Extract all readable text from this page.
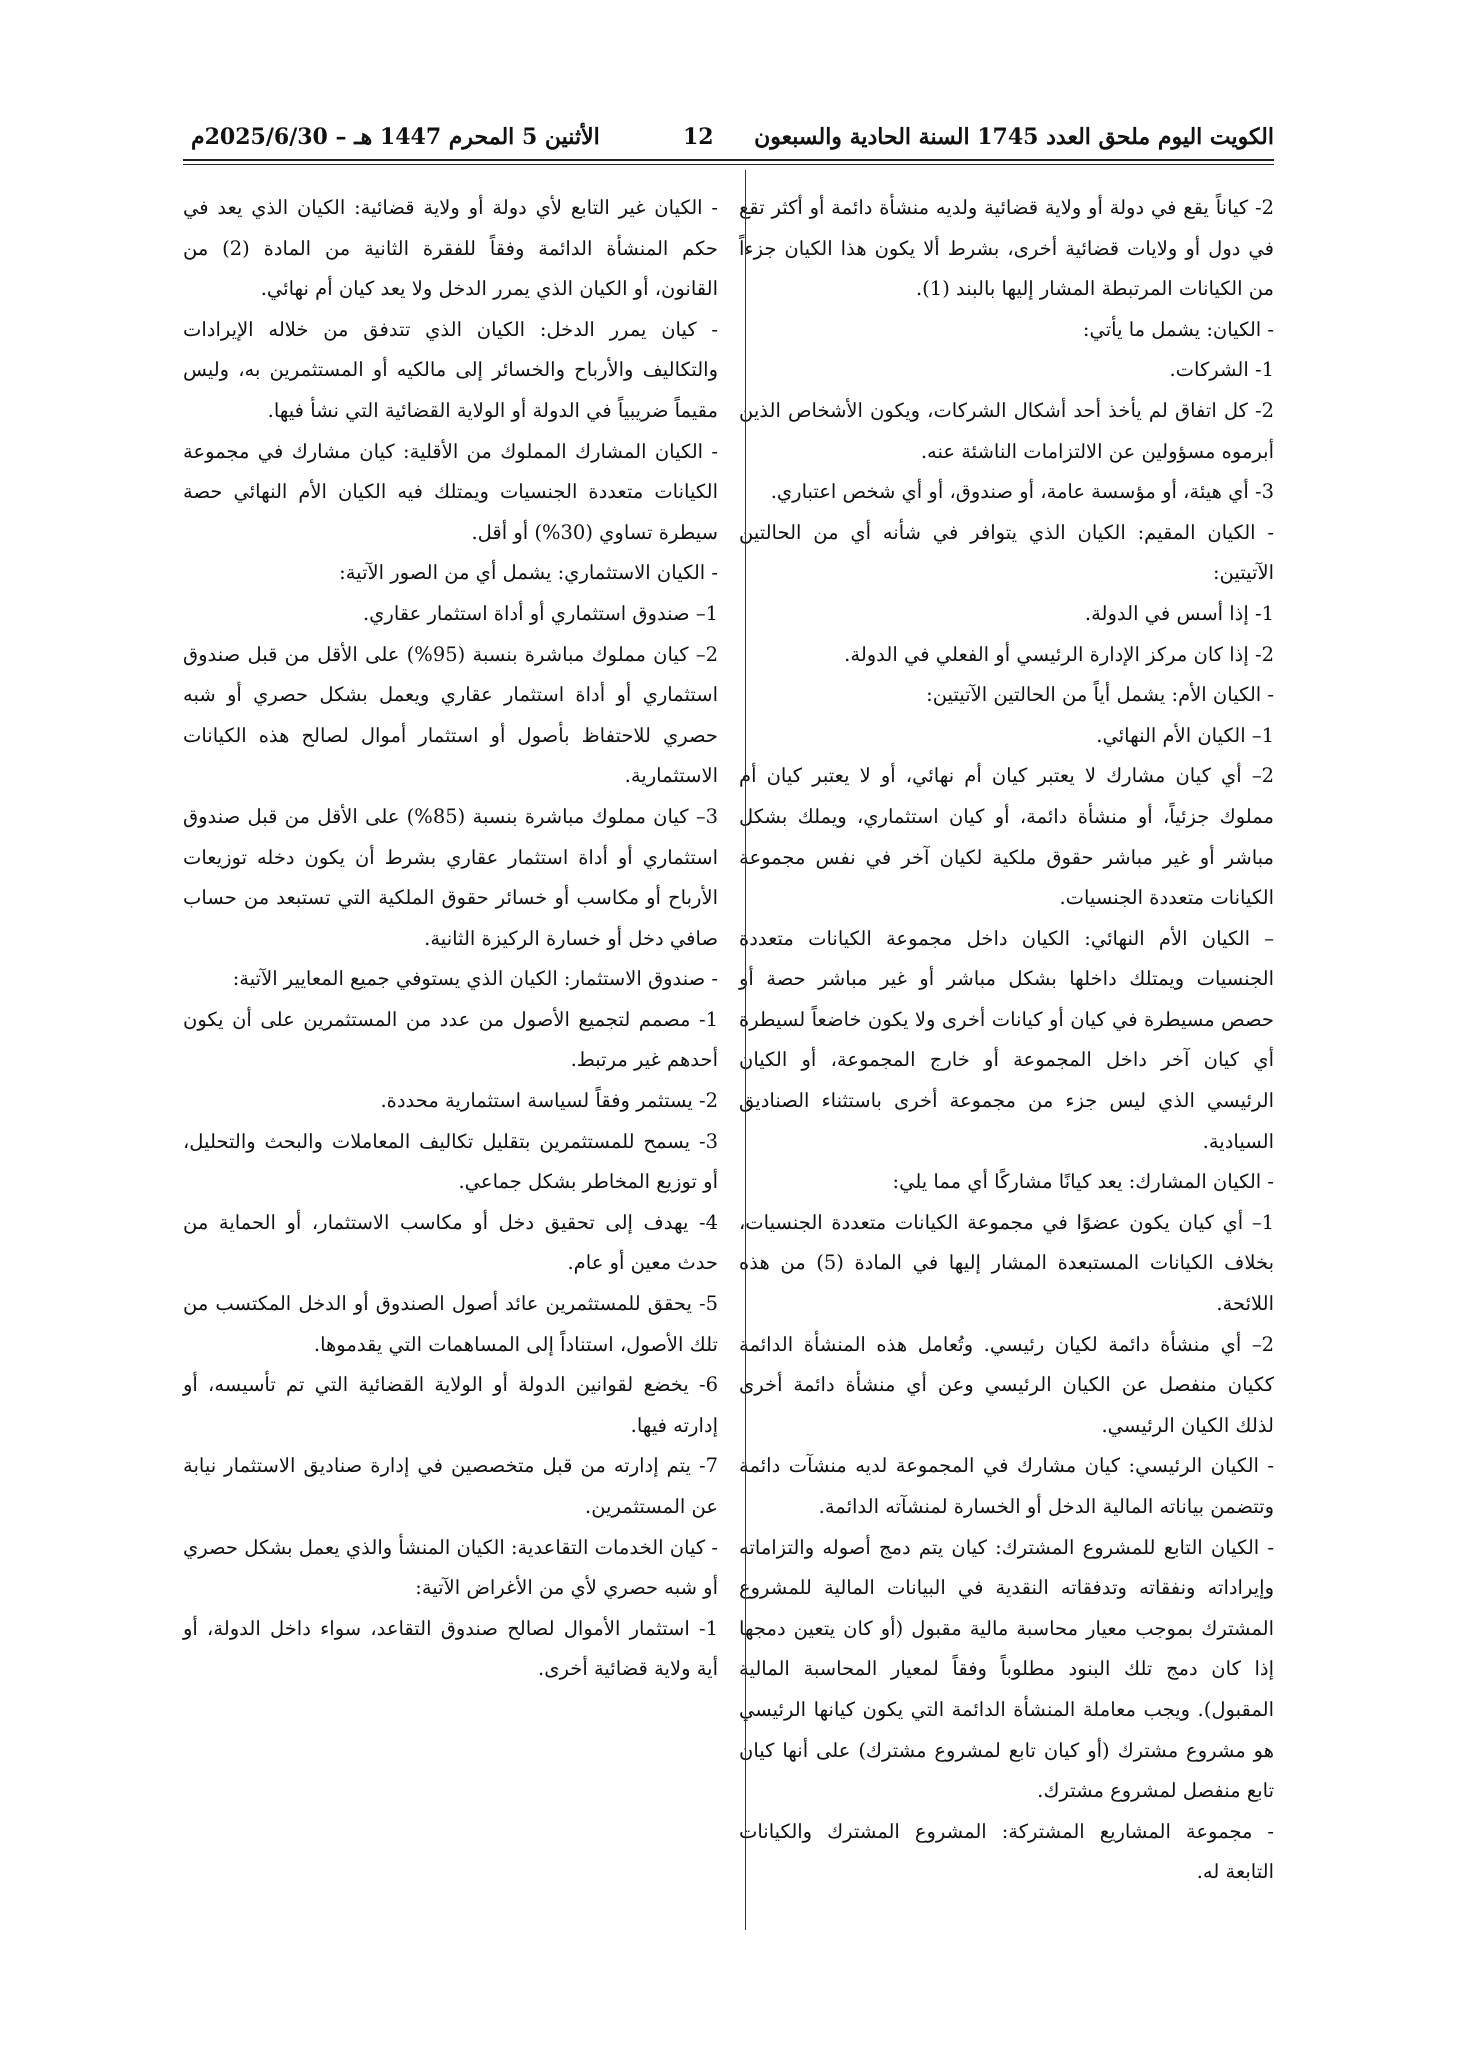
الكويت اليوم ملحق العدد 1745 السنة الحادية والسبعون
12
الأثنين 5 المحرم 1447 هـ – 2025/6/30م

2- كياناً يقع في دولة أو ولاية قضائية ولديه منشأة دائمة أو أكثر تقع في دول أو ولايات قضائية أخرى، بشرط ألا يكون هذا الكيان جزءاً من الكيانات المرتبطة المشار إليها بالبند (1).

- الكيان: يشمل ما يأتي:

1- الشركات.

2- كل اتفاق لم يأخذ أحد أشكال الشركات، ويكون الأشخاص الذين أبرموه مسؤولين عن الالتزامات الناشئة عنه.

3- أي هيئة، أو مؤسسة عامة، أو صندوق، أو أي شخص اعتباري.

- الكيان المقيم: الكيان الذي يتوافر في شأنه أي من الحالتين الآتيتين:

1- إذا أسس في الدولة.

2- إذا كان مركز الإدارة الرئيسي أو الفعلي في الدولة.

- الكيان الأم: يشمل أياً من الحالتين الآتيتين:

1– الكيان الأم النهائي.

2– أي كيان مشارك لا يعتبر كيان أم نهائي، أو لا يعتبر كيان أم مملوك جزئياً، أو منشأة دائمة، أو كيان استثماري، ويملك بشكل مباشر أو غير مباشر حقوق ملكية لكيان آخر في نفس مجموعة الكيانات متعددة الجنسيات.

– الكيان الأم النهائي: الكيان داخل مجموعة الكيانات متعددة الجنسيات ويمتلك داخلها بشكل مباشر أو غير مباشر حصة أو حصص مسيطرة في كيان أو كيانات أخرى ولا يكون خاضعاً لسيطرة أي كيان آخر داخل المجموعة أو خارج المجموعة، أو الكيان الرئيسي الذي ليس جزء من مجموعة أخرى باستثناء الصناديق السيادية.

- الكيان المشارك: يعد كيانًا مشاركًا أي مما يلي:

1– أي كيان يكون عضوًا في مجموعة الكيانات متعددة الجنسيات، بخلاف الكيانات المستبعدة المشار إليها في المادة (5) من هذه اللائحة.

2– أي منشأة دائمة لكيان رئيسي. وتُعامل هذه المنشأة الدائمة ككيان منفصل عن الكيان الرئيسي وعن أي منشأة دائمة أخرى لذلك الكيان الرئيسي.

- الكيان الرئيسي: كيان مشارك في المجموعة لديه منشآت دائمة وتتضمن بياناته المالية الدخل أو الخسارة لمنشآته الدائمة.

- الكيان التابع للمشروع المشترك: كيان يتم دمج أصوله والتزاماته وإيراداته ونفقاته وتدفقاته النقدية في البيانات المالية للمشروع المشترك بموجب معيار محاسبة مالية مقبول (أو كان يتعين دمجها إذا كان دمج تلك البنود مطلوباً وفقاً لمعيار المحاسبة المالية المقبول). ويجب معاملة المنشأة الدائمة التي يكون كيانها الرئيسي هو مشروع مشترك (أو كيان تابع لمشروع مشترك) على أنها كيان تابع منفصل لمشروع مشترك.

- مجموعة المشاريع المشتركة: المشروع المشترك والكيانات التابعة له.

- الكيان غير التابع لأي دولة أو ولاية قضائية: الكيان الذي يعد في حكم المنشأة الدائمة وفقاً للفقرة الثانية من المادة (2) من القانون، أو الكيان الذي يمرر الدخل ولا يعد كيان أم نهائي.

- كيان يمرر الدخل: الكيان الذي تتدفق من خلاله الإيرادات والتكاليف والأرباح والخسائر إلى مالكيه أو المستثمرين به، وليس مقيماً ضريبياً في الدولة أو الولاية القضائية التي نشأ فيها.

- الكيان المشارك المملوك من الأقلية: كيان مشارك في مجموعة الكيانات متعددة الجنسيات ويمتلك فيه الكيان الأم النهائي حصة سيطرة تساوي (30%) أو أقل.

- الكيان الاستثماري: يشمل أي من الصور الآتية:

1– صندوق استثماري أو أداة استثمار عقاري.

2– كيان مملوك مباشرة بنسبة (95%) على الأقل من قبل صندوق استثماري أو أداة استثمار عقاري ويعمل بشكل حصري أو شبه حصري للاحتفاظ بأصول أو استثمار أموال لصالح هذه الكيانات الاستثمارية.

3– كيان مملوك مباشرة بنسبة (85%) على الأقل من قبل صندوق استثماري أو أداة استثمار عقاري بشرط أن يكون دخله توزيعات الأرباح أو مكاسب أو خسائر حقوق الملكية التي تستبعد من حساب صافي دخل أو خسارة الركيزة الثانية.

- صندوق الاستثمار: الكيان الذي يستوفي جميع المعايير الآتية:

1- مصمم لتجميع الأصول من عدد من المستثمرين على أن يكون أحدهم غير مرتبط.

2- يستثمر وفقاً لسياسة استثمارية محددة.

3- يسمح للمستثمرين بتقليل تكاليف المعاملات والبحث والتحليل، أو توزيع المخاطر بشكل جماعي.

4- يهدف إلى تحقيق دخل أو مكاسب الاستثمار، أو الحماية من حدث معين أو عام.

5- يحقق للمستثمرين عائد أصول الصندوق أو الدخل المكتسب من تلك الأصول، استناداً إلى المساهمات التي يقدموها.

6- يخضع لقوانين الدولة أو الولاية القضائية التي تم تأسيسه، أو إدارته فيها.

7- يتم إدارته من قبل متخصصين في إدارة صناديق الاستثمار نيابة عن المستثمرين.

- كيان الخدمات التقاعدية: الكيان المنشأ والذي يعمل بشكل حصري أو شبه حصري لأي من الأغراض الآتية:

1- استثمار الأموال لصالح صندوق التقاعد، سواء داخل الدولة، أو أية ولاية قضائية أخرى.
